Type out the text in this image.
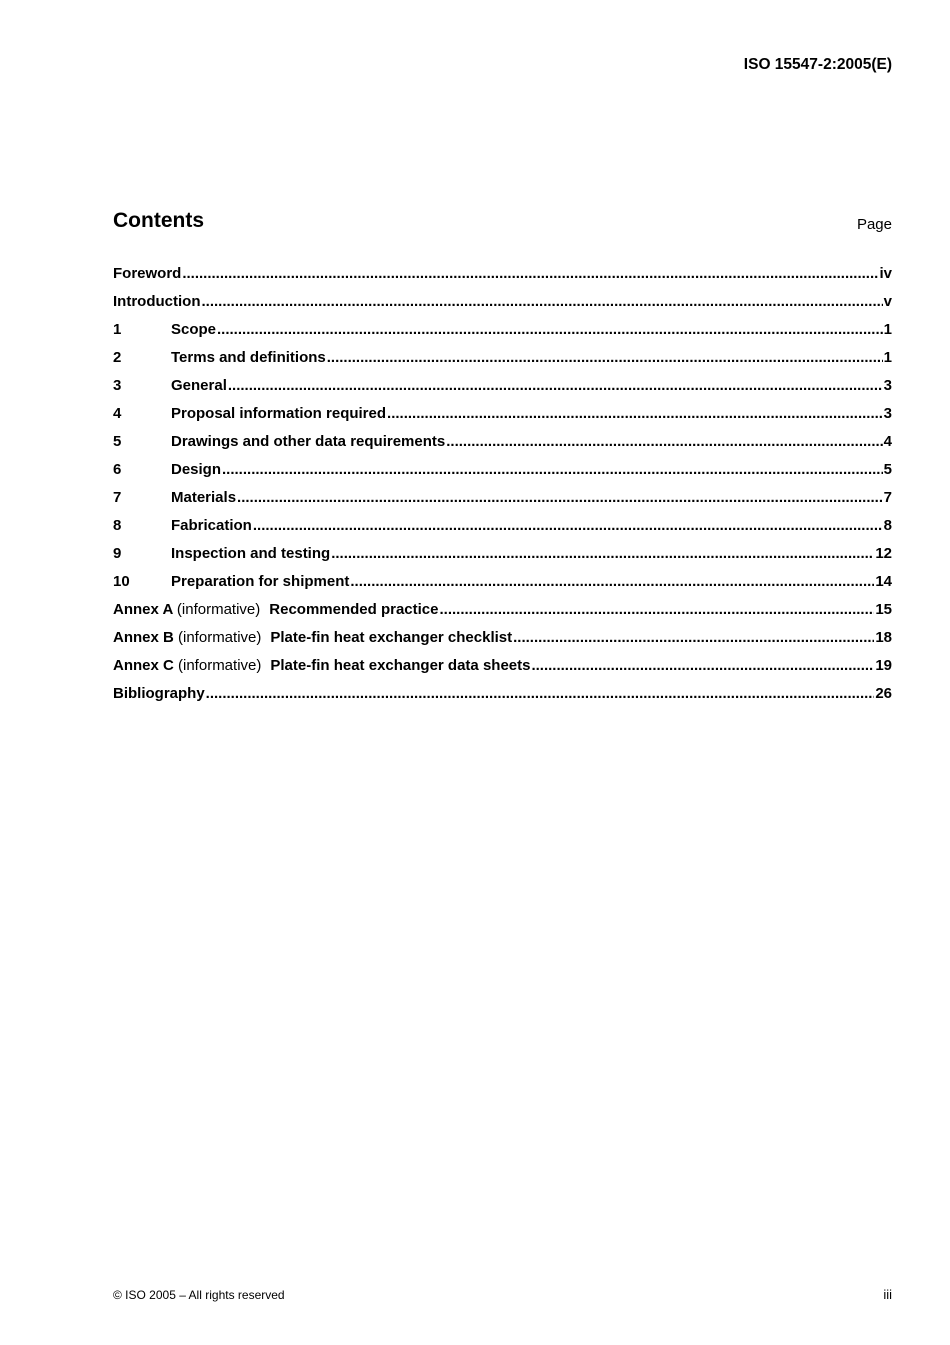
ISO 15547-2:2005(E)
Contents	Page
Foreword .....	iv
Introduction .....	v
1	Scope .....	1
2	Terms and definitions .....	1
3	General .....	3
4	Proposal information required .....	3
5	Drawings and other data requirements .....	4
6	Design .....	5
7	Materials .....	7
8	Fabrication .....	8
9	Inspection and testing .....	12
10	Preparation for shipment .....	14
Annex A (informative) Recommended practice .....	15
Annex B (informative) Plate-fin heat exchanger checklist .....	18
Annex C (informative) Plate-fin heat exchanger data sheets .....	19
Bibliography .....	26
© ISO 2005 – All rights reserved	iii
